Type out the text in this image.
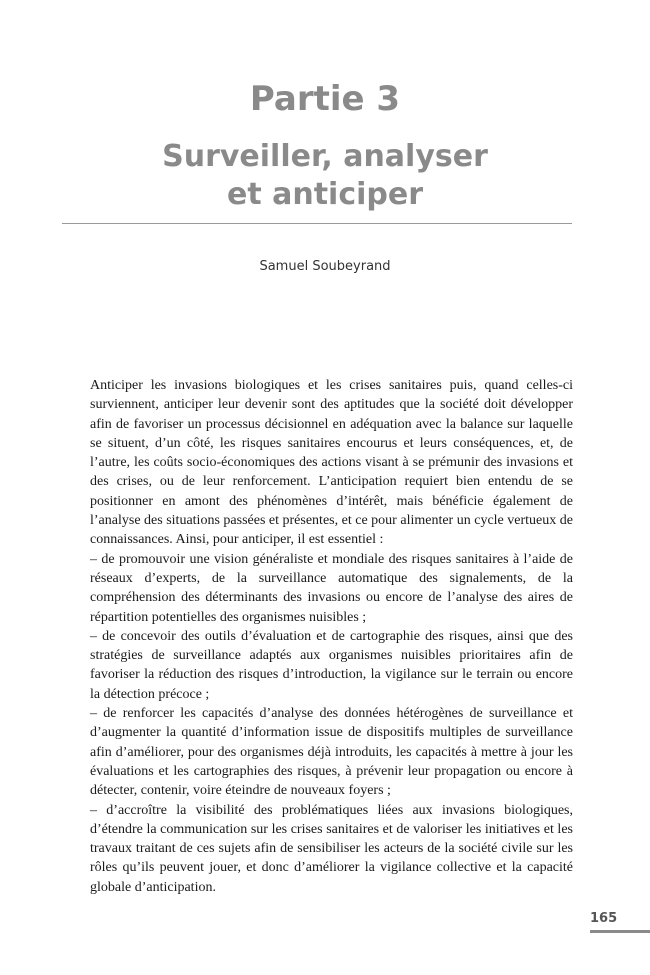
Partie 3
Surveiller, analyser
et anticiper
Samuel Soubeyrand

Anticiper les invasions biologiques et les crises sanitaires puis, quand celles-ci surviennent, anticiper leur devenir sont des aptitudes que la société doit développer afin de favoriser un processus décisionnel en adéquation avec la balance sur laquelle se situent, d’un côté, les risques sanitaires encourus et leurs conséquences, et, de l’autre, les coûts socio-économiques des actions visant à se prémunir des invasions et des crises, ou de leur renforcement. L’anticipation requiert bien entendu de se positionner en amont des phénomènes d’intérêt, mais bénéficie également de l’analyse des situations passées et présentes, et ce pour alimenter un cycle vertueux de connaissances. Ainsi, pour anticiper, il est essentiel :

– de promouvoir une vision généraliste et mondiale des risques sanitaires à l’aide de réseaux d’experts, de la surveillance automatique des signalements, de la compréhension des déterminants des invasions ou encore de l’analyse des aires de répartition potentielles des organismes nuisibles ;

– de concevoir des outils d’évaluation et de cartographie des risques, ainsi que des stratégies de surveillance adaptés aux organismes nuisibles prioritaires afin de favoriser la réduction des risques d’introduction, la vigilance sur le terrain ou encore la détection précoce ;

– de renforcer les capacités d’analyse des données hétérogènes de surveillance et d’augmenter la quantité d’information issue de dispositifs multiples de surveillance afin d’améliorer, pour des organismes déjà introduits, les capacités à mettre à jour les évaluations et les cartographies des risques, à prévenir leur propagation ou encore à détecter, contenir, voire éteindre de nouveaux foyers ;

– d’accroître la visibilité des problématiques liées aux invasions biologiques, d’étendre la communication sur les crises sanitaires et de valoriser les initiatives et les travaux traitant de ces sujets afin de sensibiliser les acteurs de la société civile sur les rôles qu’ils peuvent jouer, et donc d’améliorer la vigilance collective et la capacité globale d’anticipation.

165
